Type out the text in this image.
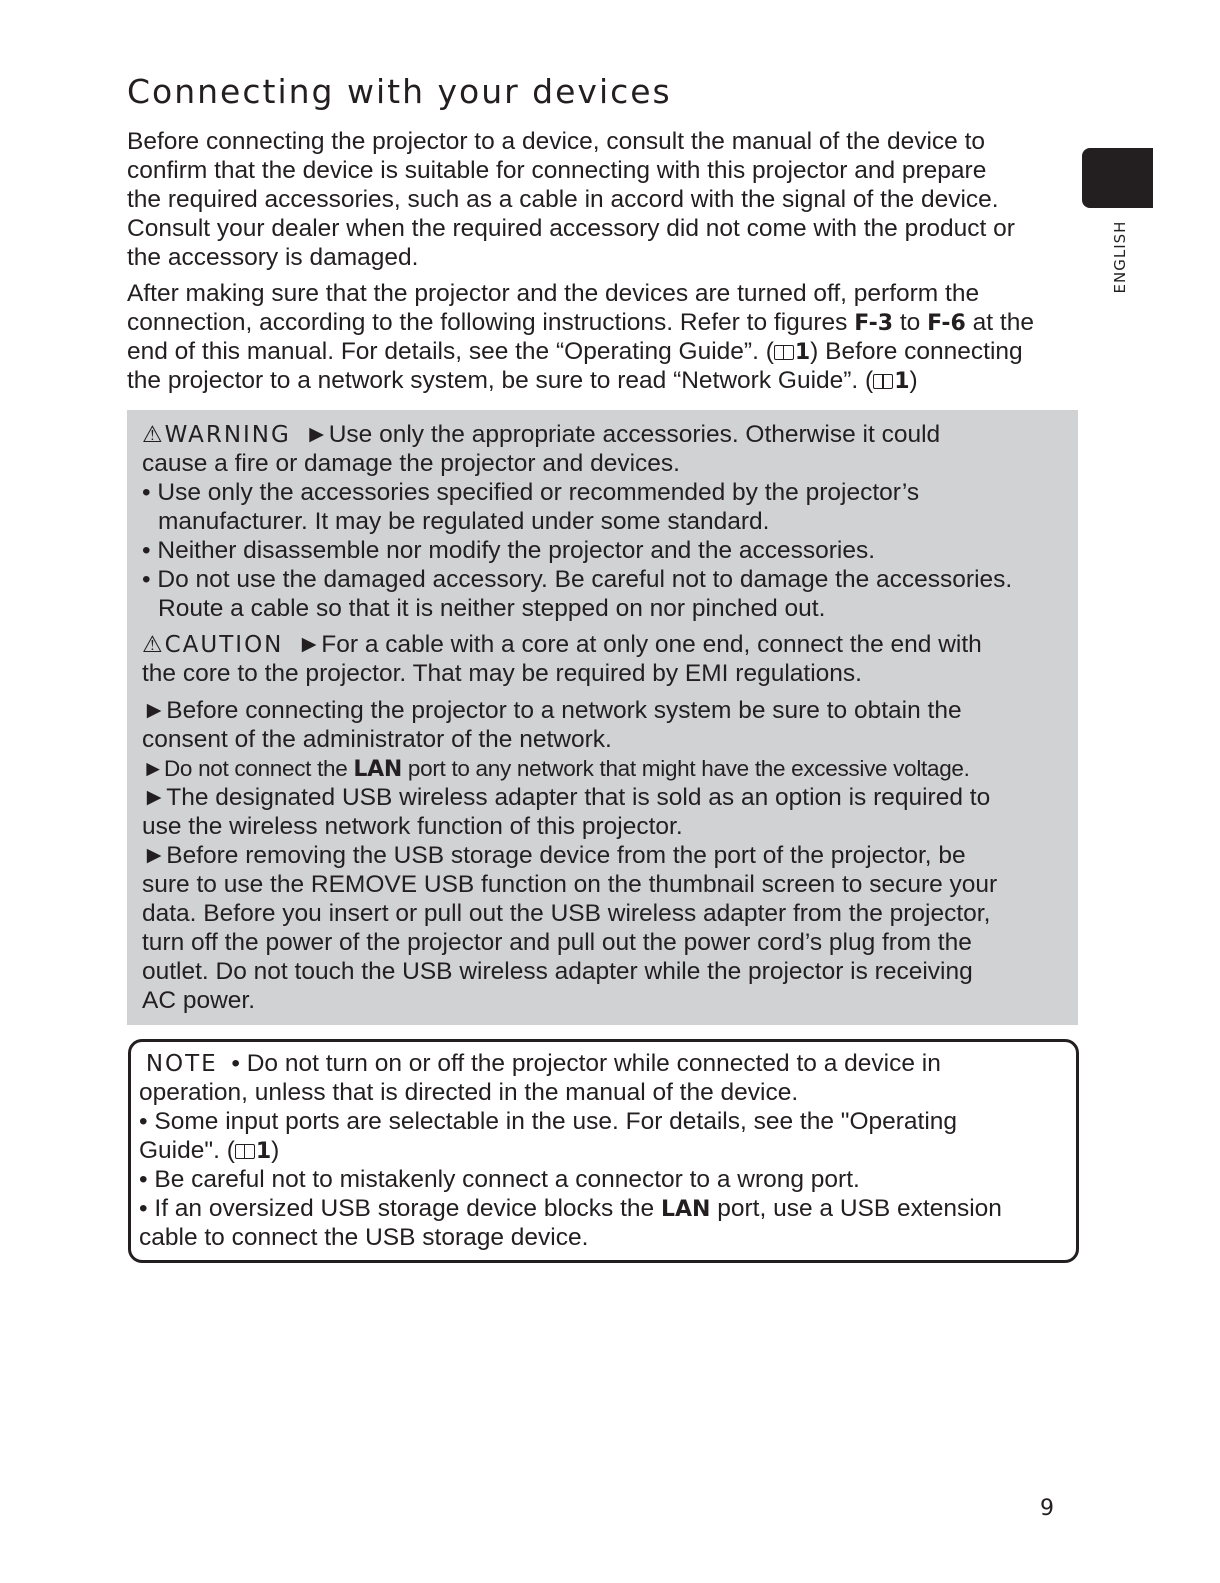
Connecting with your devices
ENGLISH
Before connecting the projector to a device, consult the manual of the device to
confirm that the device is suitable for connecting with this projector and prepare
the required accessories, such as a cable in accord with the signal of the device.
Consult your dealer when the required accessory did not come with the product or
the accessory is damaged.
After making sure that the projector and the devices are turned off, perform the
connection, according to the following instructions. Refer to figures F-3 to F-6 at the
end of this manual. For details, see the “Operating Guide”. ( 1) Before connecting
the projector to a network system, be sure to read “Network Guide”. ( 1)
⚠WARNING ►Use only the appropriate accessories. Otherwise it could
cause a fire or damage the projector and devices.
• Use only the accessories specified or recommended by the projector’s
manufacturer. It may be regulated under some standard.
• Neither disassemble nor modify the projector and the accessories.
• Do not use the damaged accessory. Be careful not to damage the accessories.
Route a cable so that it is neither stepped on nor pinched out.
⚠CAUTION ►For a cable with a core at only one end, connect the end with
the core to the projector. That may be required by EMI regulations.
►Before connecting the projector to a network system be sure to obtain the
consent of the administrator of the network.
►Do not connect the LAN port to any network that might have the excessive voltage.
►The designated USB wireless adapter that is sold as an option is required to
use the wireless network function of this projector.
►Before removing the USB storage device from the port of the projector, be
sure to use the REMOVE USB function on the thumbnail screen to secure your
data. Before you insert or pull out the USB wireless adapter from the projector,
turn off the power of the projector and pull out the power cord’s plug from the
outlet. Do not touch the USB wireless adapter while the projector is receiving
AC power.
NOTE • Do not turn on or off the projector while connected to a device in
operation, unless that is directed in the manual of the device.
• Some input ports are selectable in the use. For details, see the "Operating
Guide". ( 1)
• Be careful not to mistakenly connect a connector to a wrong port.
• If an oversized USB storage device blocks the LAN port, use a USB extension
cable to connect the USB storage device.
9
